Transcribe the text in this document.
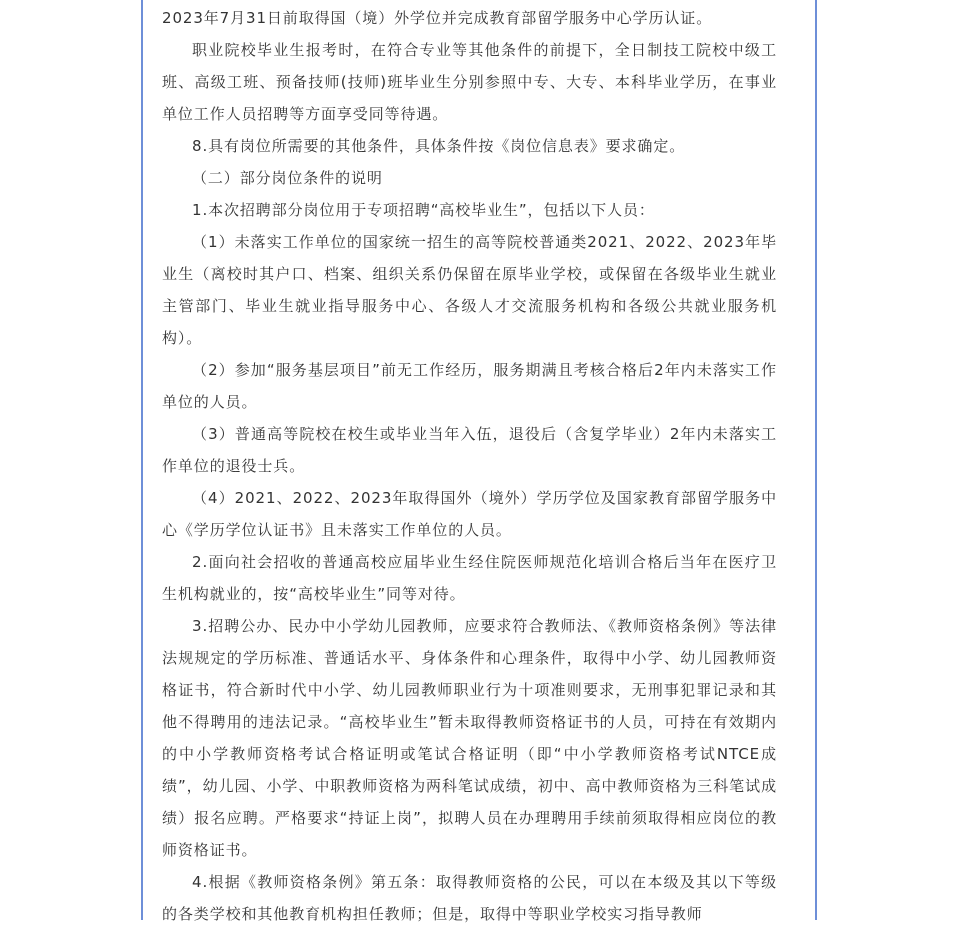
2023年7月31日前取得国（境）外学位并完成教育部留学服务中心学历认证。

职业院校毕业生报考时，在符合专业等其他条件的前提下，全日制技工院校中级工班、高级工班、预备技师(技师)班毕业生分别参照中专、大专、本科毕业学历，在事业单位工作人员招聘等方面享受同等待遇。

8.具有岗位所需要的其他条件，具体条件按《岗位信息表》要求确定。

（二）部分岗位条件的说明

1.本次招聘部分岗位用于专项招聘“高校毕业生”，包括以下人员：

（1）未落实工作单位的国家统一招生的高等院校普通类2021、2022、2023年毕业生（离校时其户口、档案、组织关系仍保留在原毕业学校，或保留在各级毕业生就业主管部门、毕业生就业指导服务中心、各级人才交流服务机构和各级公共就业服务机构）。

（2）参加“服务基层项目”前无工作经历，服务期满且考核合格后2年内未落实工作单位的人员。

（3）普通高等院校在校生或毕业当年入伍，退役后（含复学毕业）2年内未落实工作单位的退役士兵。

（4）2021、2022、2023年取得国外（境外）学历学位及国家教育部留学服务中心《学历学位认证书》且未落实工作单位的人员。

2.面向社会招收的普通高校应届毕业生经住院医师规范化培训合格后当年在医疗卫生机构就业的，按“高校毕业生”同等对待。

3.招聘公办、民办中小学幼儿园教师，应要求符合教师法、《教师资格条例》等法律法规规定的学历标准、普通话水平、身体条件和心理条件，取得中小学、幼儿园教师资格证书，符合新时代中小学、幼儿园教师职业行为十项准则要求，无刑事犯罪记录和其他不得聘用的违法记录。“高校毕业生”暂未取得教师资格证书的人员，可持在有效期内的中小学教师资格考试合格证明或笔试合格证明（即“中小学教师资格考试NTCE成绩”，幼儿园、小学、中职教师资格为两科笔试成绩，初中、高中教师资格为三科笔试成绩）报名应聘。严格要求“持证上岗”，拟聘人员在办理聘用手续前须取得相应岗位的教师资格证书。

4.根据《教师资格条例》第五条：取得教师资格的公民，可以在本级及其以下等级的各类学校和其他教育机构担任教师；但是，取得中等职业学校实习指导教师
